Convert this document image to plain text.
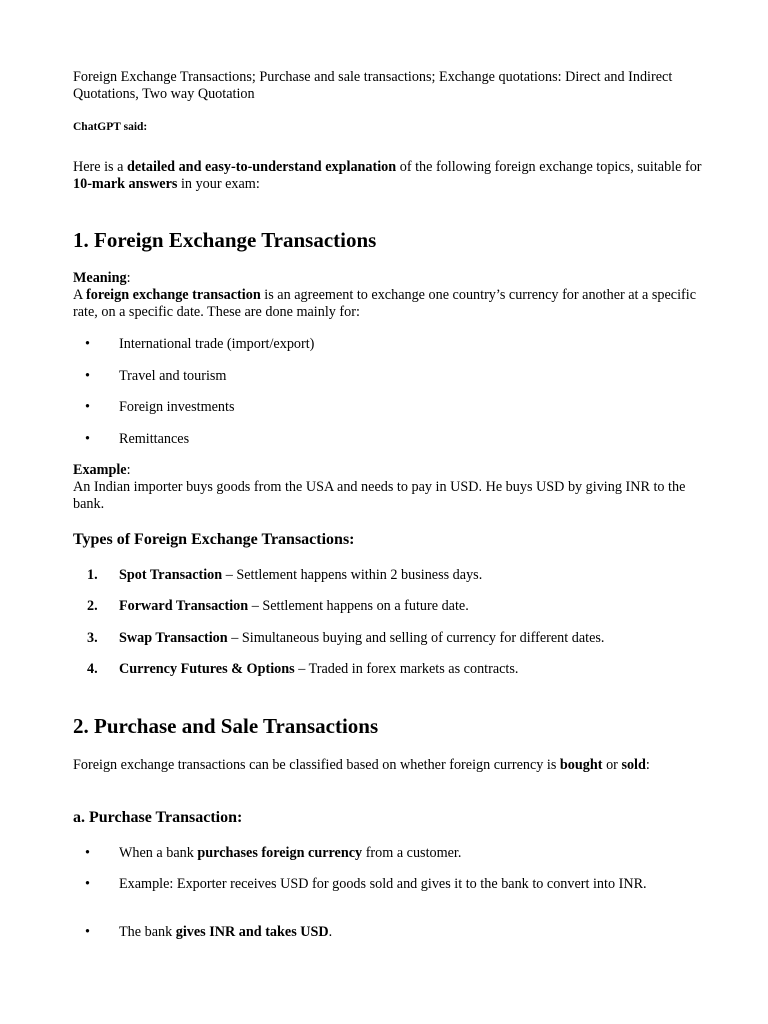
Foreign Exchange Transactions; Purchase and sale transactions; Exchange quotations: Direct and Indirect Quotations, Two way Quotation

ChatGPT said:

Here is a detailed and easy-to-understand explanation of the following foreign exchange topics, suitable for 10-mark answers in your exam:

1. Foreign Exchange Transactions

Meaning:
A foreign exchange transaction is an agreement to exchange one country’s currency for another at a specific rate, on a specific date. These are done mainly for:

• International trade (import/export)
• Travel and tourism
• Foreign investments
• Remittances

Example:
An Indian importer buys goods from the USA and needs to pay in USD. He buys USD by giving INR to the bank.

Types of Foreign Exchange Transactions:
1. Spot Transaction – Settlement happens within 2 business days.
2. Forward Transaction – Settlement happens on a future date.
3. Swap Transaction – Simultaneous buying and selling of currency for different dates.
4. Currency Futures & Options – Traded in forex markets as contracts.
2. Purchase and Sale Transactions

Foreign exchange transactions can be classified based on whether foreign currency is bought or sold:

a. Purchase Transaction:
• When a bank purchases foreign currency from a customer.
• Example: Exporter receives USD for goods sold and gives it to the bank to convert into INR.
• The bank gives INR and takes USD.
